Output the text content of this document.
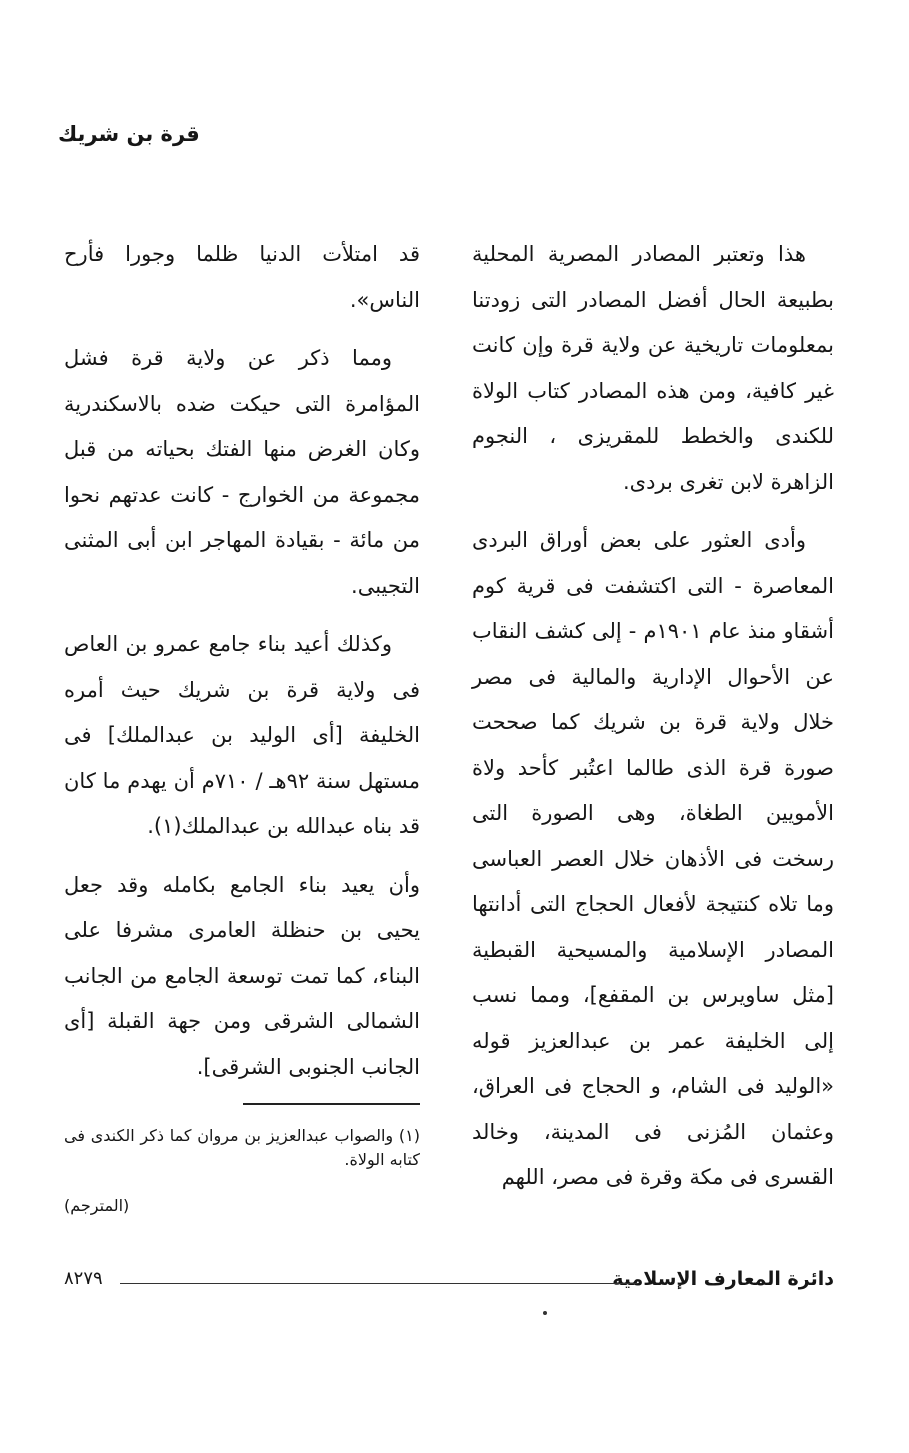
قرة بن شريك

هذا وتعتبر المصادر المصرية المحلية بطبيعة الحال أفضل المصادر التى زودتنا بمعلومات تاريخية عن ولاية قرة وإن كانت غير كافية، ومن هذه المصادر كتاب الولاة للكندى والخطط للمقريزى ، النجوم الزاهرة لابن تغرى بردى.

وأدى العثور على بعض أوراق البردى المعاصرة - التى اكتشفت فى قرية كوم أشقاو منذ عام ١٩٠١م - إلى كشف النقاب عن الأحوال الإدارية والمالية فى مصر خلال ولاية قرة بن شريك كما صححت صورة قرة الذى طالما اعتُبر كأحد ولاة الأمويين الطغاة، وهى الصورة التى رسخت فى الأذهان خلال العصر العباسى وما تلاه كنتيجة لأفعال الحجاج التى أدانتها المصادر الإسلامية والمسيحية القبطية [مثل ساويرس بن المقفع]، ومما نسب إلى الخليفة عمر بن عبدالعزيز قوله «الوليد فى الشام، و الحجاج فى العراق، وعثمان المُزنى فى المدينة، وخالد القسرى فى مكة وقرة فى مصر، اللهم

قد امتلأت الدنيا ظلما وجورا فأرح الناس».

ومما ذكر عن ولاية قرة فشل المؤامرة التى حيكت ضده بالاسكندرية وكان الغرض منها الفتك بحياته من قبل مجموعة من الخوارج - كانت عدتهم نحوا من مائة - بقيادة المهاجر ابن أبى المثنى التجيبى.

وكذلك أعيد بناء جامع عمرو بن العاص فى ولاية قرة بن شريك حيث أمره الخليفة [أى الوليد بن عبدالملك] فى مستهل سنة ٩٢هـ / ٧١٠م أن يهدم ما كان قد بناه عبدالله بن عبدالملك(١).

وأن يعيد بناء الجامع بكامله وقد جعل يحيى بن حنظلة العامرى مشرفا على البناء، كما تمت توسعة الجامع من الجانب الشمالى الشرقى ومن جهة القبلة [أى الجانب الجنوبى الشرقى].

(١) والصواب عبدالعزيز بن مروان كما ذكر الكندى فى كتابه الولاة.

(المترجم)
دائرة المعارف الإسلامية
٨٢٧٩
